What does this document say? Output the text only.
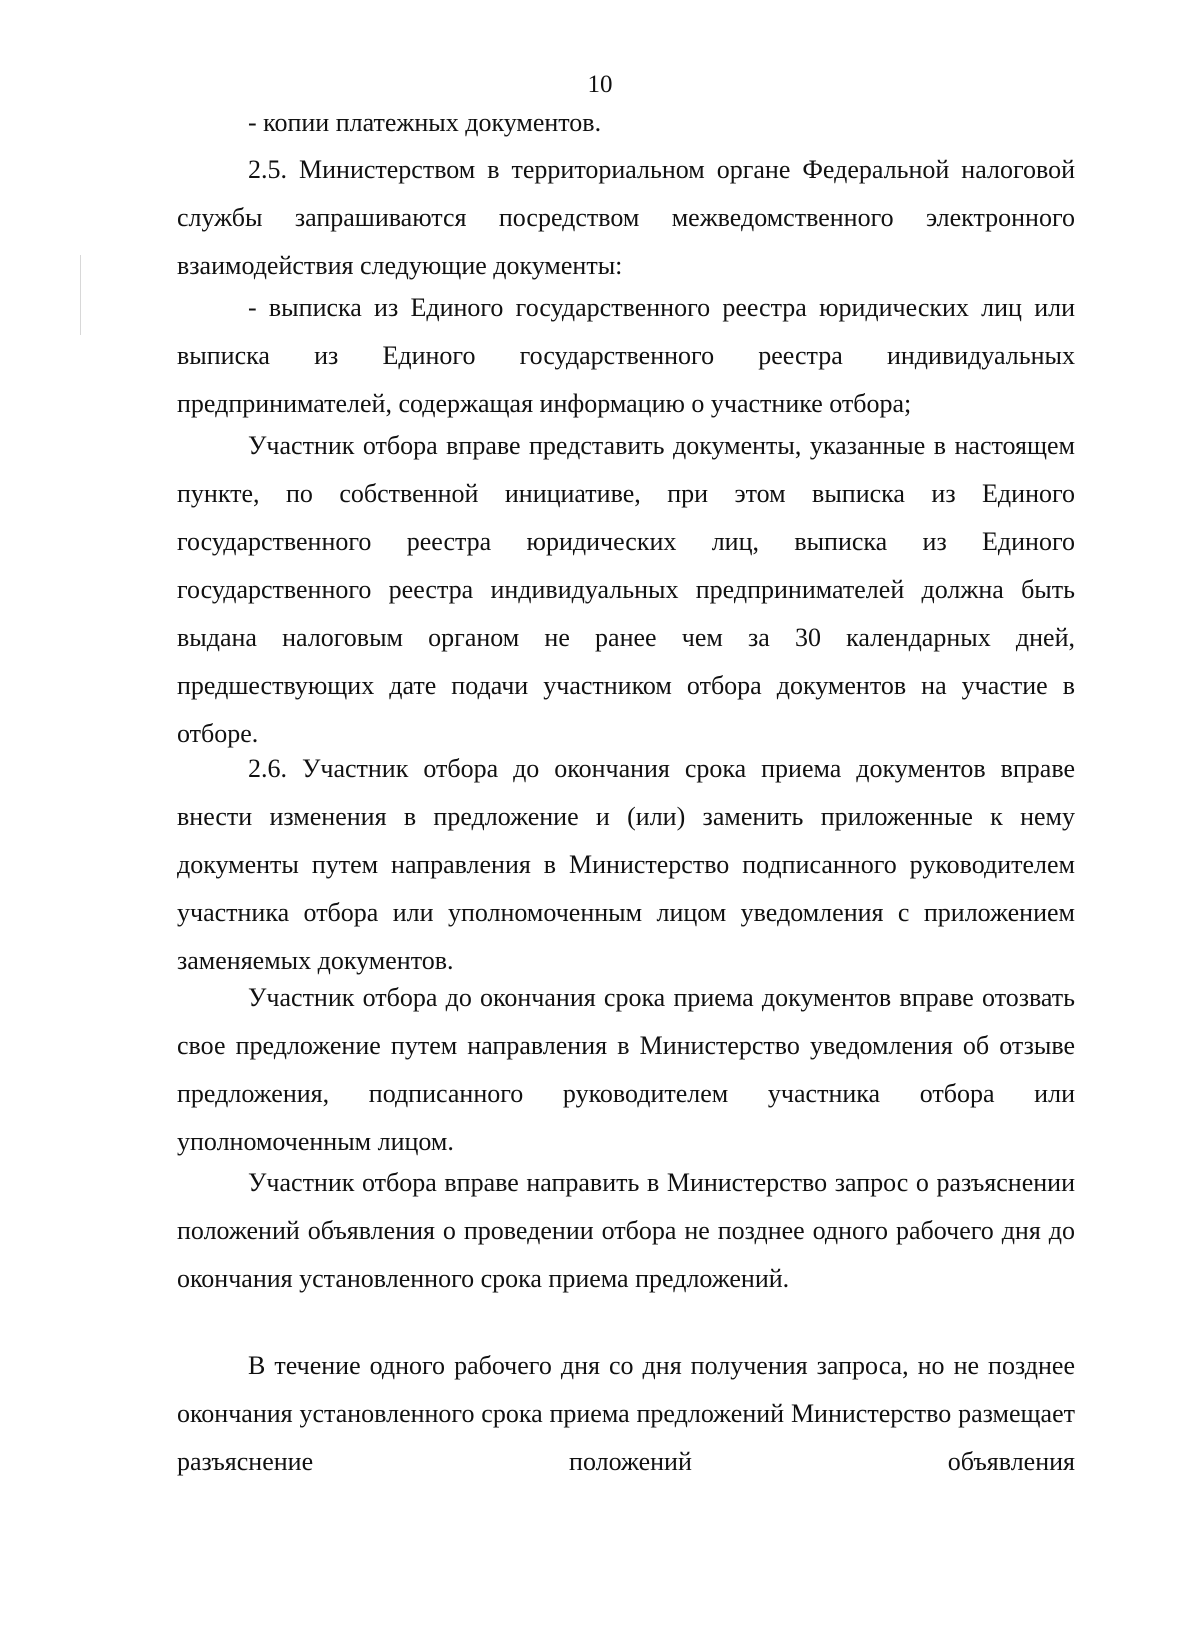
10

- копии платежных документов.

2.5. Министерством в территориальном органе Федеральной налоговой службы запрашиваются посредством межведомственного электронного взаимодействия следующие документы:

- выписка из Единого государственного реестра юридических лиц или выписка из Единого государственного реестра индивидуальных предпринимателей, содержащая информацию о участнике отбора;

Участник отбора вправе представить документы, указанные в настоящем пункте, по собственной инициативе, при этом выписка из Единого государственного реестра юридических лиц, выписка из Единого государственного реестра индивидуальных предпринимателей должна быть выдана налоговым органом не ранее чем за 30 календарных дней, предшествующих дате подачи участником отбора документов на участие в отборе.

2.6. Участник отбора до окончания срока приема документов вправе внести изменения в предложение и (или) заменить приложенные к нему документы путем направления в Министерство подписанного руководителем участника отбора или уполномоченным лицом уведомления с приложением заменяемых документов.

Участник отбора до окончания срока приема документов вправе отозвать свое предложение путем направления в Министерство уведомления об отзыве предложения, подписанного руководителем участника отбора или уполномоченным лицом.

Участник отбора вправе направить в Министерство запрос о разъяснении положений объявления о проведении отбора не позднее одного рабочего дня до окончания установленного срока приема предложений.

В течение одного рабочего дня со дня получения запроса, но не позднее окончания установленного срока приема предложений Министерство размещает разъяснение положений объявления
